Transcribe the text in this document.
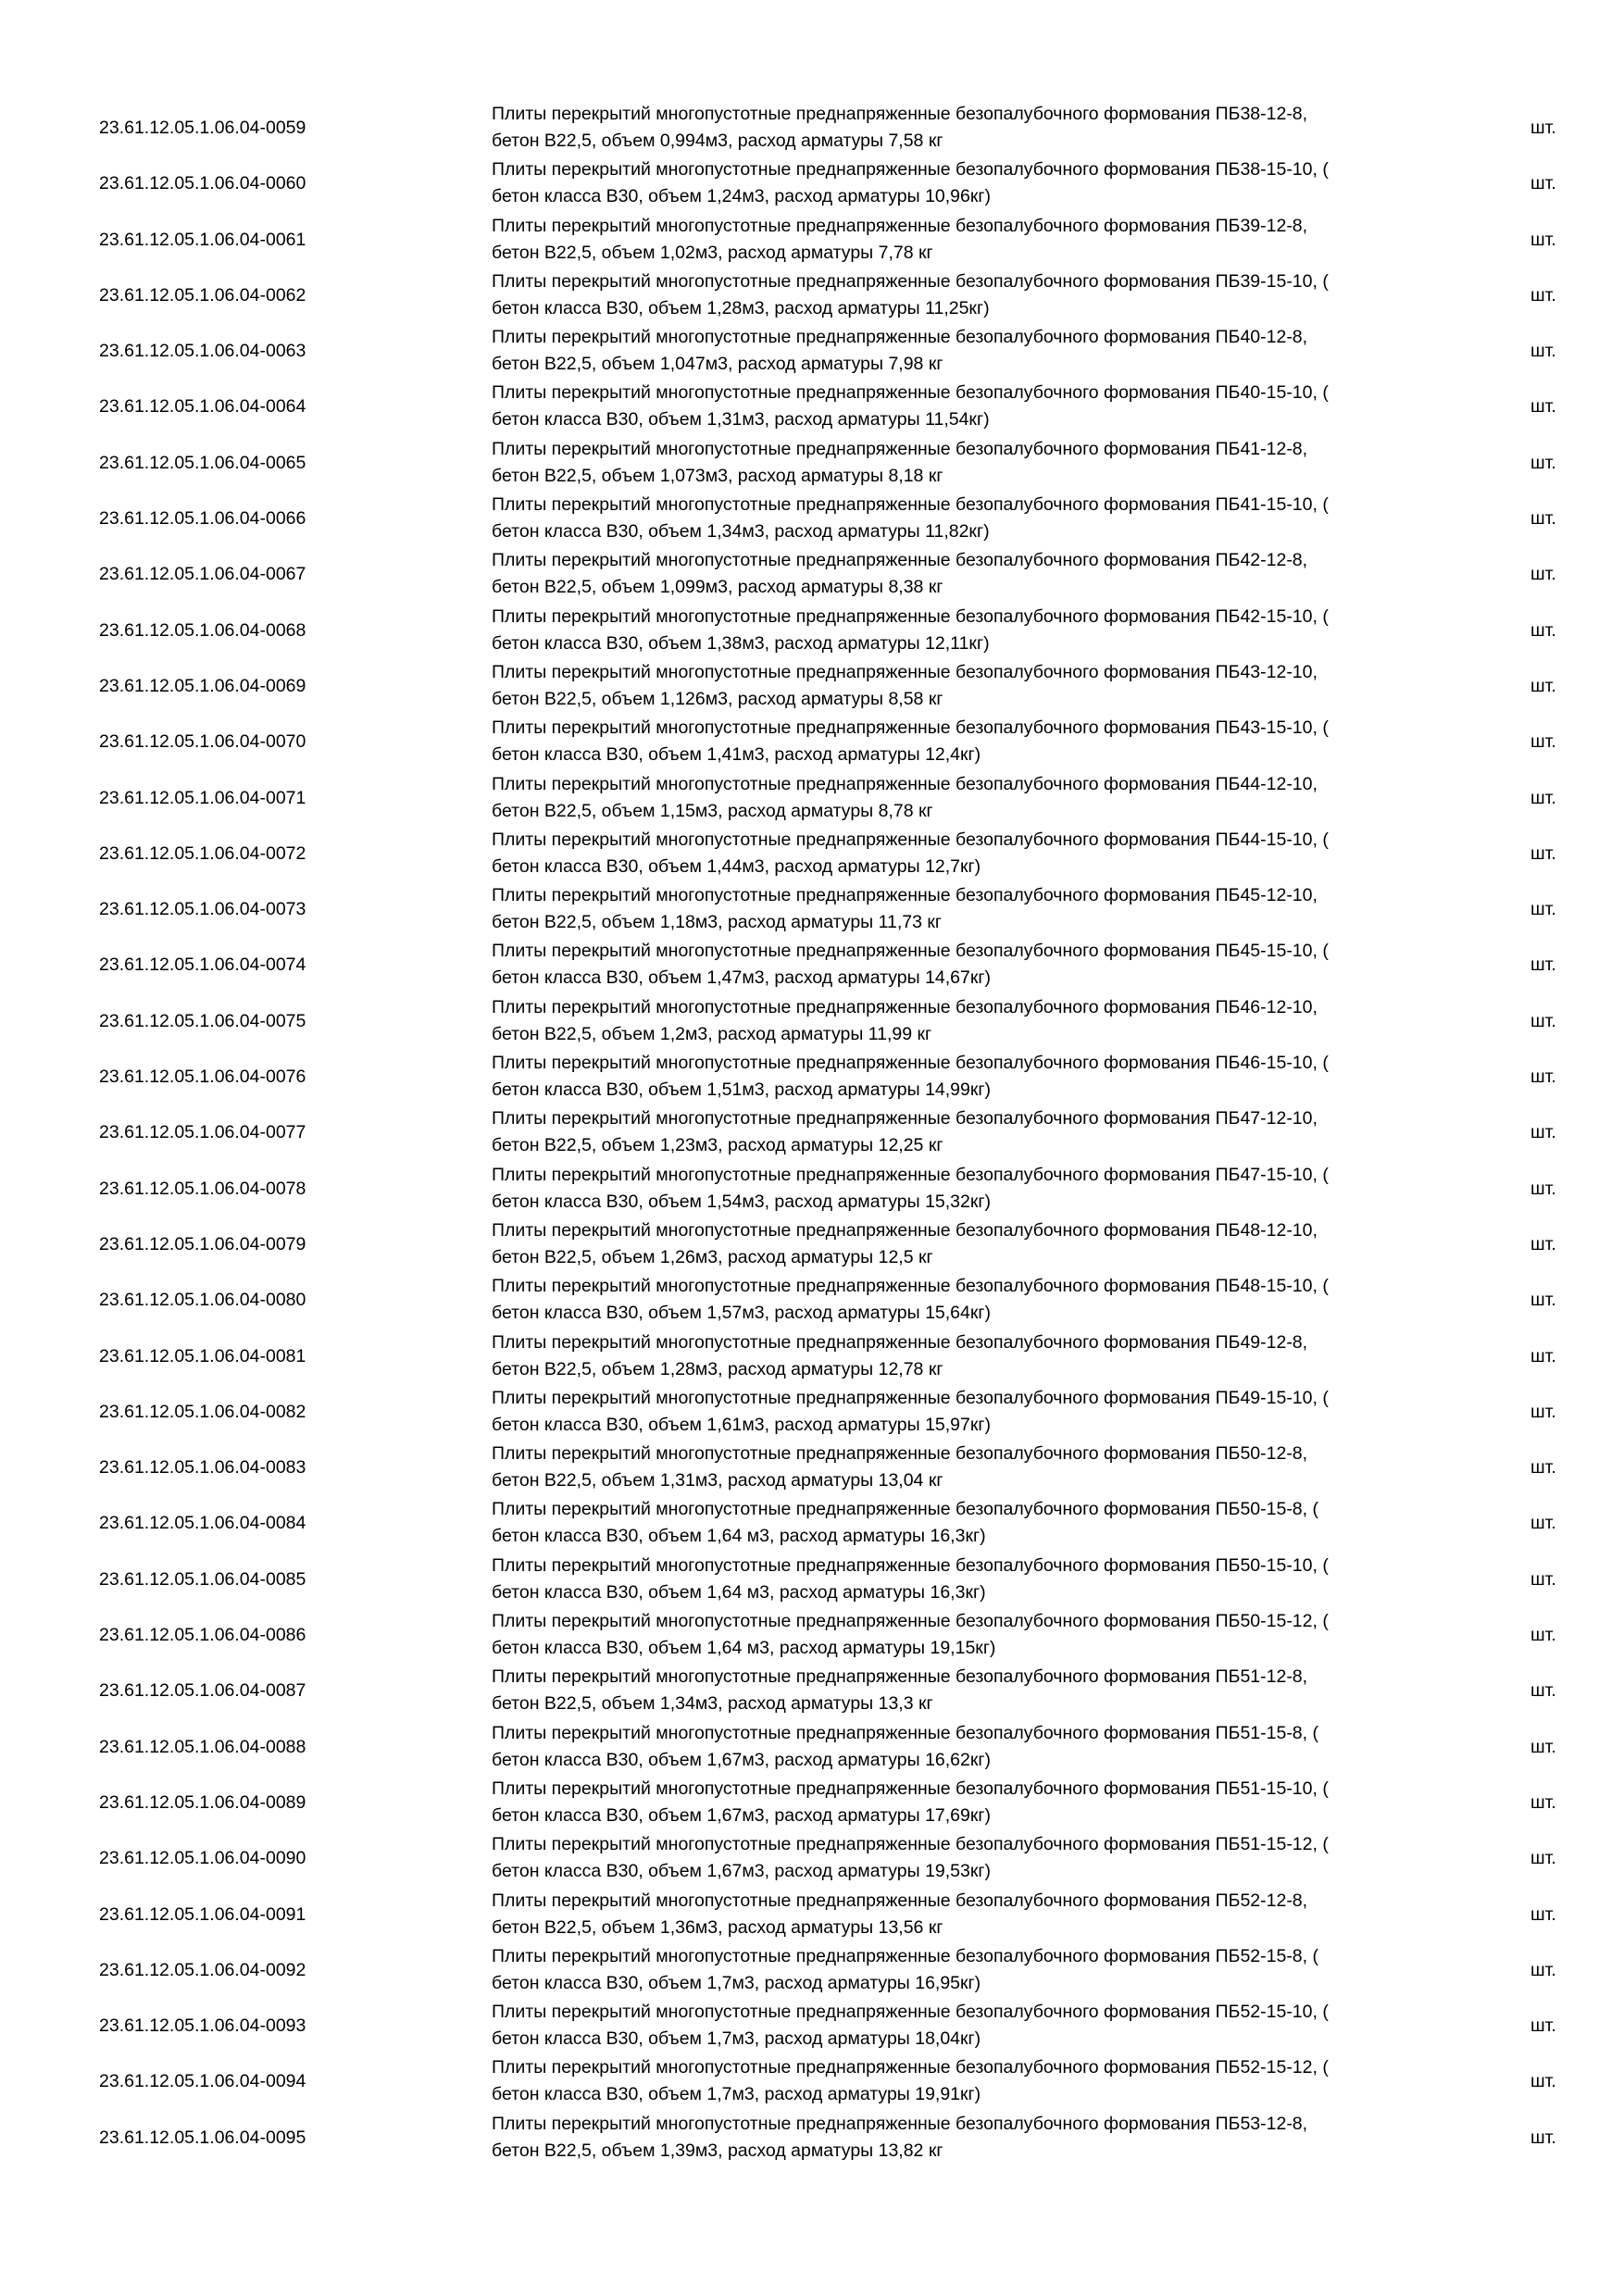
23.61.12.05.1.06.04-0059
Плиты перекрытий многопустотные преднапряженные безопалубочного формования ПБ38-12-8,
бетон В22,5, объем 0,994м3, расход арматуры 7,58 кг
шт.
23.61.12.05.1.06.04-0060
Плиты перекрытий многопустотные преднапряженные безопалубочного формования ПБ38-15-10, (
бетон класса В30, объем 1,24м3, расход арматуры 10,96кг)
шт.
23.61.12.05.1.06.04-0061
Плиты перекрытий многопустотные преднапряженные безопалубочного формования ПБ39-12-8,
бетон В22,5, объем 1,02м3, расход арматуры 7,78 кг
шт.
23.61.12.05.1.06.04-0062
Плиты перекрытий многопустотные преднапряженные безопалубочного формования ПБ39-15-10, (
бетон класса В30, объем 1,28м3, расход арматуры 11,25кг)
шт.
23.61.12.05.1.06.04-0063
Плиты перекрытий многопустотные преднапряженные безопалубочного формования ПБ40-12-8,
бетон В22,5, объем 1,047м3, расход арматуры 7,98 кг
шт.
23.61.12.05.1.06.04-0064
Плиты перекрытий многопустотные преднапряженные безопалубочного формования ПБ40-15-10, (
бетон класса В30, объем 1,31м3, расход арматуры 11,54кг)
шт.
23.61.12.05.1.06.04-0065
Плиты перекрытий многопустотные преднапряженные безопалубочного формования ПБ41-12-8,
бетон В22,5, объем 1,073м3, расход арматуры 8,18 кг
шт.
23.61.12.05.1.06.04-0066
Плиты перекрытий многопустотные преднапряженные безопалубочного формования ПБ41-15-10, (
бетон класса В30, объем 1,34м3, расход арматуры 11,82кг)
шт.
23.61.12.05.1.06.04-0067
Плиты перекрытий многопустотные преднапряженные безопалубочного формования ПБ42-12-8,
бетон В22,5, объем 1,099м3, расход арматуры 8,38 кг
шт.
23.61.12.05.1.06.04-0068
Плиты перекрытий многопустотные преднапряженные безопалубочного формования ПБ42-15-10, (
бетон класса В30, объем 1,38м3, расход арматуры 12,11кг)
шт.
23.61.12.05.1.06.04-0069
Плиты перекрытий многопустотные преднапряженные безопалубочного формования ПБ43-12-10,
бетон В22,5, объем 1,126м3, расход арматуры 8,58 кг
шт.
23.61.12.05.1.06.04-0070
Плиты перекрытий многопустотные преднапряженные безопалубочного формования ПБ43-15-10, (
бетон класса В30, объем 1,41м3, расход арматуры 12,4кг)
шт.
23.61.12.05.1.06.04-0071
Плиты перекрытий многопустотные преднапряженные безопалубочного формования ПБ44-12-10,
бетон В22,5, объем 1,15м3, расход арматуры 8,78 кг
шт.
23.61.12.05.1.06.04-0072
Плиты перекрытий многопустотные преднапряженные безопалубочного формования ПБ44-15-10, (
бетон класса В30, объем 1,44м3, расход арматуры 12,7кг)
шт.
23.61.12.05.1.06.04-0073
Плиты перекрытий многопустотные преднапряженные безопалубочного формования ПБ45-12-10,
бетон В22,5, объем 1,18м3, расход арматуры 11,73 кг
шт.
23.61.12.05.1.06.04-0074
Плиты перекрытий многопустотные преднапряженные безопалубочного формования ПБ45-15-10, (
бетон класса В30, объем 1,47м3, расход арматуры 14,67кг)
шт.
23.61.12.05.1.06.04-0075
Плиты перекрытий многопустотные преднапряженные безопалубочного формования ПБ46-12-10,
бетон В22,5, объем 1,2м3, расход арматуры 11,99 кг
шт.
23.61.12.05.1.06.04-0076
Плиты перекрытий многопустотные преднапряженные безопалубочного формования ПБ46-15-10, (
бетон класса В30, объем 1,51м3, расход арматуры 14,99кг)
шт.
23.61.12.05.1.06.04-0077
Плиты перекрытий многопустотные преднапряженные безопалубочного формования ПБ47-12-10,
бетон В22,5, объем 1,23м3, расход арматуры 12,25 кг
шт.
23.61.12.05.1.06.04-0078
Плиты перекрытий многопустотные преднапряженные безопалубочного формования ПБ47-15-10, (
бетон класса В30, объем 1,54м3, расход арматуры 15,32кг)
шт.
23.61.12.05.1.06.04-0079
Плиты перекрытий многопустотные преднапряженные безопалубочного формования ПБ48-12-10,
бетон В22,5, объем 1,26м3, расход арматуры 12,5 кг
шт.
23.61.12.05.1.06.04-0080
Плиты перекрытий многопустотные преднапряженные безопалубочного формования ПБ48-15-10, (
бетон класса В30, объем 1,57м3, расход арматуры 15,64кг)
шт.
23.61.12.05.1.06.04-0081
Плиты перекрытий многопустотные преднапряженные безопалубочного формования ПБ49-12-8,
бетон В22,5, объем 1,28м3, расход арматуры 12,78 кг
шт.
23.61.12.05.1.06.04-0082
Плиты перекрытий многопустотные преднапряженные безопалубочного формования ПБ49-15-10, (
бетон класса В30, объем 1,61м3, расход арматуры 15,97кг)
шт.
23.61.12.05.1.06.04-0083
Плиты перекрытий многопустотные преднапряженные безопалубочного формования ПБ50-12-8,
бетон В22,5, объем 1,31м3, расход арматуры 13,04 кг
шт.
23.61.12.05.1.06.04-0084
Плиты перекрытий многопустотные преднапряженные безопалубочного формования ПБ50-15-8, (
бетон класса В30, объем 1,64 м3, расход арматуры 16,3кг)
шт.
23.61.12.05.1.06.04-0085
Плиты перекрытий многопустотные преднапряженные безопалубочного формования ПБ50-15-10, (
бетон класса В30, объем 1,64 м3, расход арматуры 16,3кг)
шт.
23.61.12.05.1.06.04-0086
Плиты перекрытий многопустотные преднапряженные безопалубочного формования ПБ50-15-12, (
бетон класса В30, объем 1,64 м3, расход арматуры 19,15кг)
шт.
23.61.12.05.1.06.04-0087
Плиты перекрытий многопустотные преднапряженные безопалубочного формования ПБ51-12-8,
бетон В22,5, объем 1,34м3, расход арматуры 13,3 кг
шт.
23.61.12.05.1.06.04-0088
Плиты перекрытий многопустотные преднапряженные безопалубочного формования ПБ51-15-8, (
бетон класса В30, объем 1,67м3, расход арматуры 16,62кг)
шт.
23.61.12.05.1.06.04-0089
Плиты перекрытий многопустотные преднапряженные безопалубочного формования ПБ51-15-10, (
бетон класса В30, объем 1,67м3, расход арматуры 17,69кг)
шт.
23.61.12.05.1.06.04-0090
Плиты перекрытий многопустотные преднапряженные безопалубочного формования ПБ51-15-12, (
бетон класса В30, объем 1,67м3, расход арматуры 19,53кг)
шт.
23.61.12.05.1.06.04-0091
Плиты перекрытий многопустотные преднапряженные безопалубочного формования ПБ52-12-8,
бетон В22,5, объем 1,36м3, расход арматуры 13,56 кг
шт.
23.61.12.05.1.06.04-0092
Плиты перекрытий многопустотные преднапряженные безопалубочного формования ПБ52-15-8, (
бетон класса В30, объем 1,7м3, расход арматуры 16,95кг)
шт.
23.61.12.05.1.06.04-0093
Плиты перекрытий многопустотные преднапряженные безопалубочного формования ПБ52-15-10, (
бетон класса В30, объем 1,7м3, расход арматуры 18,04кг)
шт.
23.61.12.05.1.06.04-0094
Плиты перекрытий многопустотные преднапряженные безопалубочного формования ПБ52-15-12, (
бетон класса В30, объем 1,7м3, расход арматуры 19,91кг)
шт.
23.61.12.05.1.06.04-0095
Плиты перекрытий многопустотные преднапряженные безопалубочного формования ПБ53-12-8,
бетон В22,5, объем 1,39м3, расход арматуры 13,82 кг
шт.
